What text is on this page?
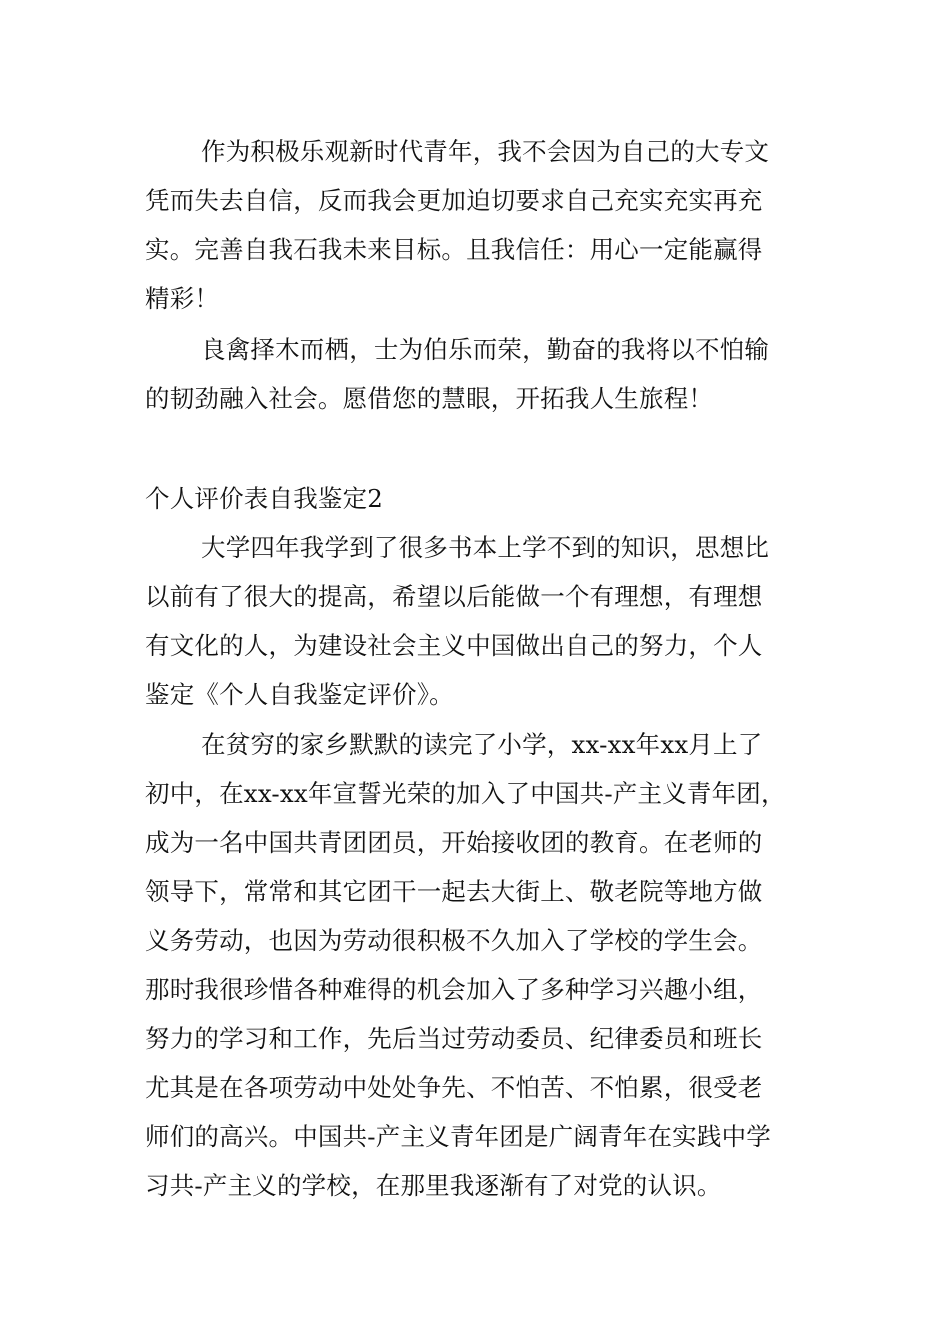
作为积极乐观新时代青年，我不会因为自己的大专文
凭而失去自信，反而我会更加迫切要求自己充实充实再充
实。完善自我石我未来目标。且我信任：用心一定能赢得
精彩！
良禽择木而栖，士为伯乐而荣，勤奋的我将以不怕输
的韧劲融入社会。愿借您的慧眼，开拓我人生旅程！
个人评价表自我鉴定2
大学四年我学到了很多书本上学不到的知识，思想比
以前有了很大的提高，希望以后能做一个有理想，有理想
有文化的人，为建设社会主义中国做出自己的努力，个人
鉴定《个人自我鉴定评价》。
在贫穷的家乡默默的读完了小学，xx-xx年xx月上了
初中，在xx-xx年宣誓光荣的加入了中国共-产主义青年团，
成为一名中国共青团团员，开始接收团的教育。在老师的
领导下，常常和其它团干一起去大街上、敬老院等地方做
义务劳动，也因为劳动很积极不久加入了学校的学生会。
那时我很珍惜各种难得的机会加入了多种学习兴趣小组，
努力的学习和工作，先后当过劳动委员、纪律委员和班长
尤其是在各项劳动中处处争先、不怕苦、不怕累，很受老
师们的高兴。中国共-产主义青年团是广阔青年在实践中学
习共-产主义的学校，在那里我逐渐有了对党的认识。
